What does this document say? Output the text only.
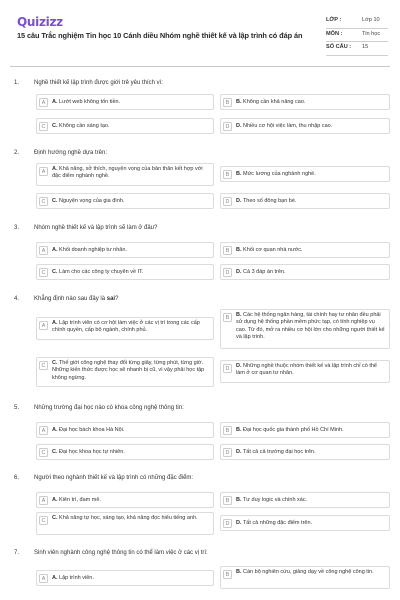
Quizizz
15 câu Trắc nghiệm Tin học 10 Cánh diều Nhóm nghề thiết kế và lập trình có đáp án
LỚP :	Lớp 10
MÔN :	Tin học
SỐ CÂU : 15
1. Nghề thiết kế lập trình được giới trẻ yêu thích vì:
A	A. Lướt web không tốn tiền.	B	B. Không cần khả năng cao.
C	C. Không cần sáng tạo.	D	D. Nhiều cơ hội việc làm, thu nhập cao.
2. Định hướng nghề dựa trên:
A	A. Khả năng, sở thích, nguyện vọng của bản thân kết hợp với đặc điểm nghành nghề.	B	B. Mức lương của nghành nghề.
C	C. Nguyện vọng của gia đình.	D	D. Theo số đông bạn bè.
3. Nhóm nghề thiết kế và lập trình sẽ làm ở đâu?
A	A. Khối doanh nghiệp tư nhân.	B	B. Khối cơ quan nhà nước.
C	C. Làm cho các công ty chuyên về IT.	D	D. Cả 3 đáp án trên.
4. Khẳng định nào sau đây là sai?
A	A. Lập trình viên có cơ hội làm việc ở các vị trí trong các cấp chính quyền, cấp bộ ngành, chính phủ.
B	B. Các hệ thống ngân hàng, tài chính hay tư nhân đều phải sử dụng hệ thống phần mềm phức tạp, có tính nghiệp vụ cao. Từ đó, mở ra nhiều cơ hội lớn cho những người thiết kế và lập trình.
C	C. Thế giới công nghệ thay đổi từng giây, từng phút, từng giờ. Những kiến thức được học sẽ nhanh bị cũ, vì vậy phải học tập không ngừng.
D	D. Những nghề thuộc nhóm thiết kế và lập trình chỉ có thể làm ở cơ quan tư nhân.
5. Những trường đại học nào có khoa công nghệ thông tin:
A	A. Đại học bách khoa Hà Nội.	B	B. Đại học quốc gia thành phố Hồ Chí Minh.
C	C. Đại học khoa học tự nhiên.	D	D. Tất cả cả trường đại học trên.
6. Người theo nghành thiết kế và lập trình có những đặc điểm:
A	A. Kiên trì, đam mê.	B	B. Tư duy logic và chính xác.
C	C. Khả năng tự học, sáng tạo, khả năng đọc hiểu tiếng anh.
D	D. Tất cả những đặc điểm trên.
7. Sinh viên nghành công nghệ thông tin có thể làm việc ở các vị trí:
A	A. Lập trình viên.	B	B. Cán bộ nghiên cứu, giảng dạy về công nghệ công tin.
